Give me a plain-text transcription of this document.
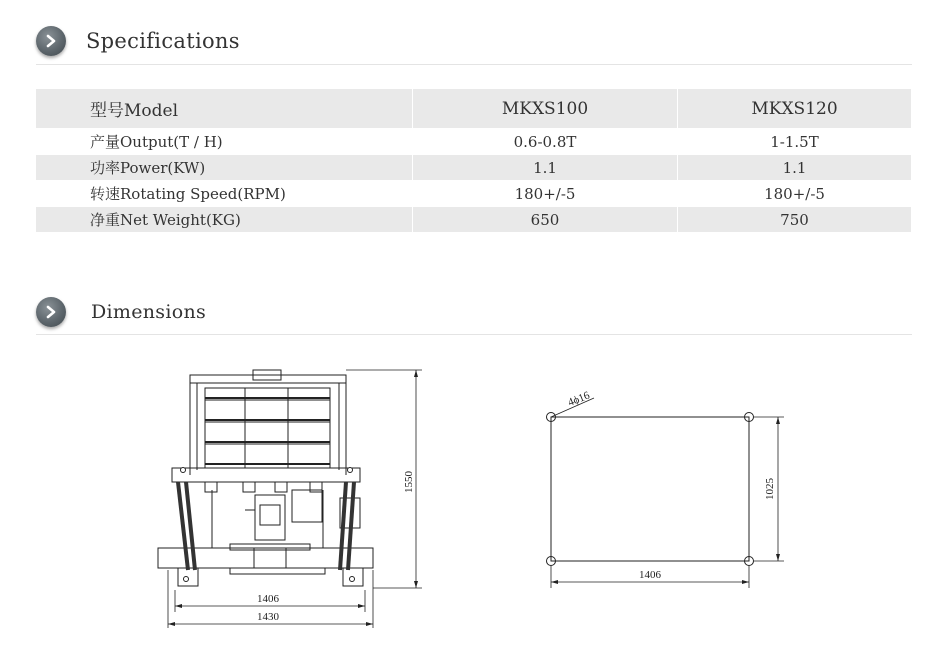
Specifications
型号Model	MKXS100	MKXS120
产量Output(T / H)	0.6-0.8T	1-1.5T
功率Power(KW)	1.1	1.1
转速Rotating Speed(RPM)	180+/-5	180+/-5
净重Net Weight(KG)	650	750
Dimensions
1550
1406
1430
4ϕ16
1025
1406
